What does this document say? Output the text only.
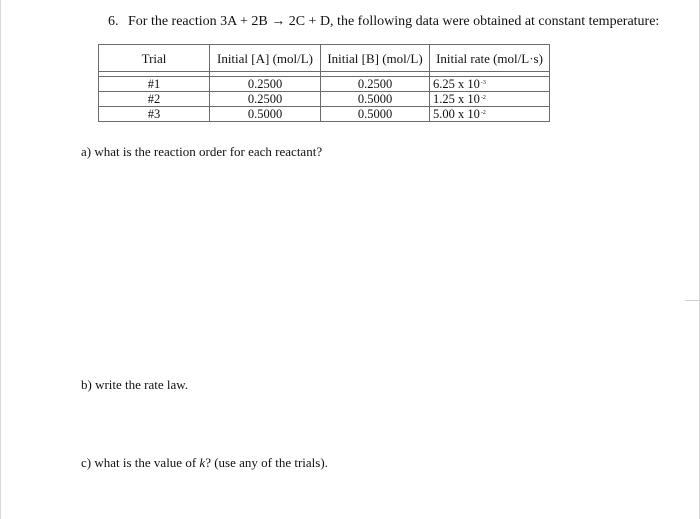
6. For the reaction 3A + 2B → 2C + D, the following data were obtained at constant temperature:
Trial	Initial [A] (mol/L)	Initial [B] (mol/L)	Initial rate (mol/L·s)

#1	0.2500	0.2500	6.25 x $10^{-3}$
#2	0.2500	0.5000	1.25 x $10^{-2}$
#3	0.5000	0.5000	5.00 x $10^{-2}$
a) what is the reaction order for each reactant?
b) write the rate law.
c) what is the value of k? (use any of the trials).
